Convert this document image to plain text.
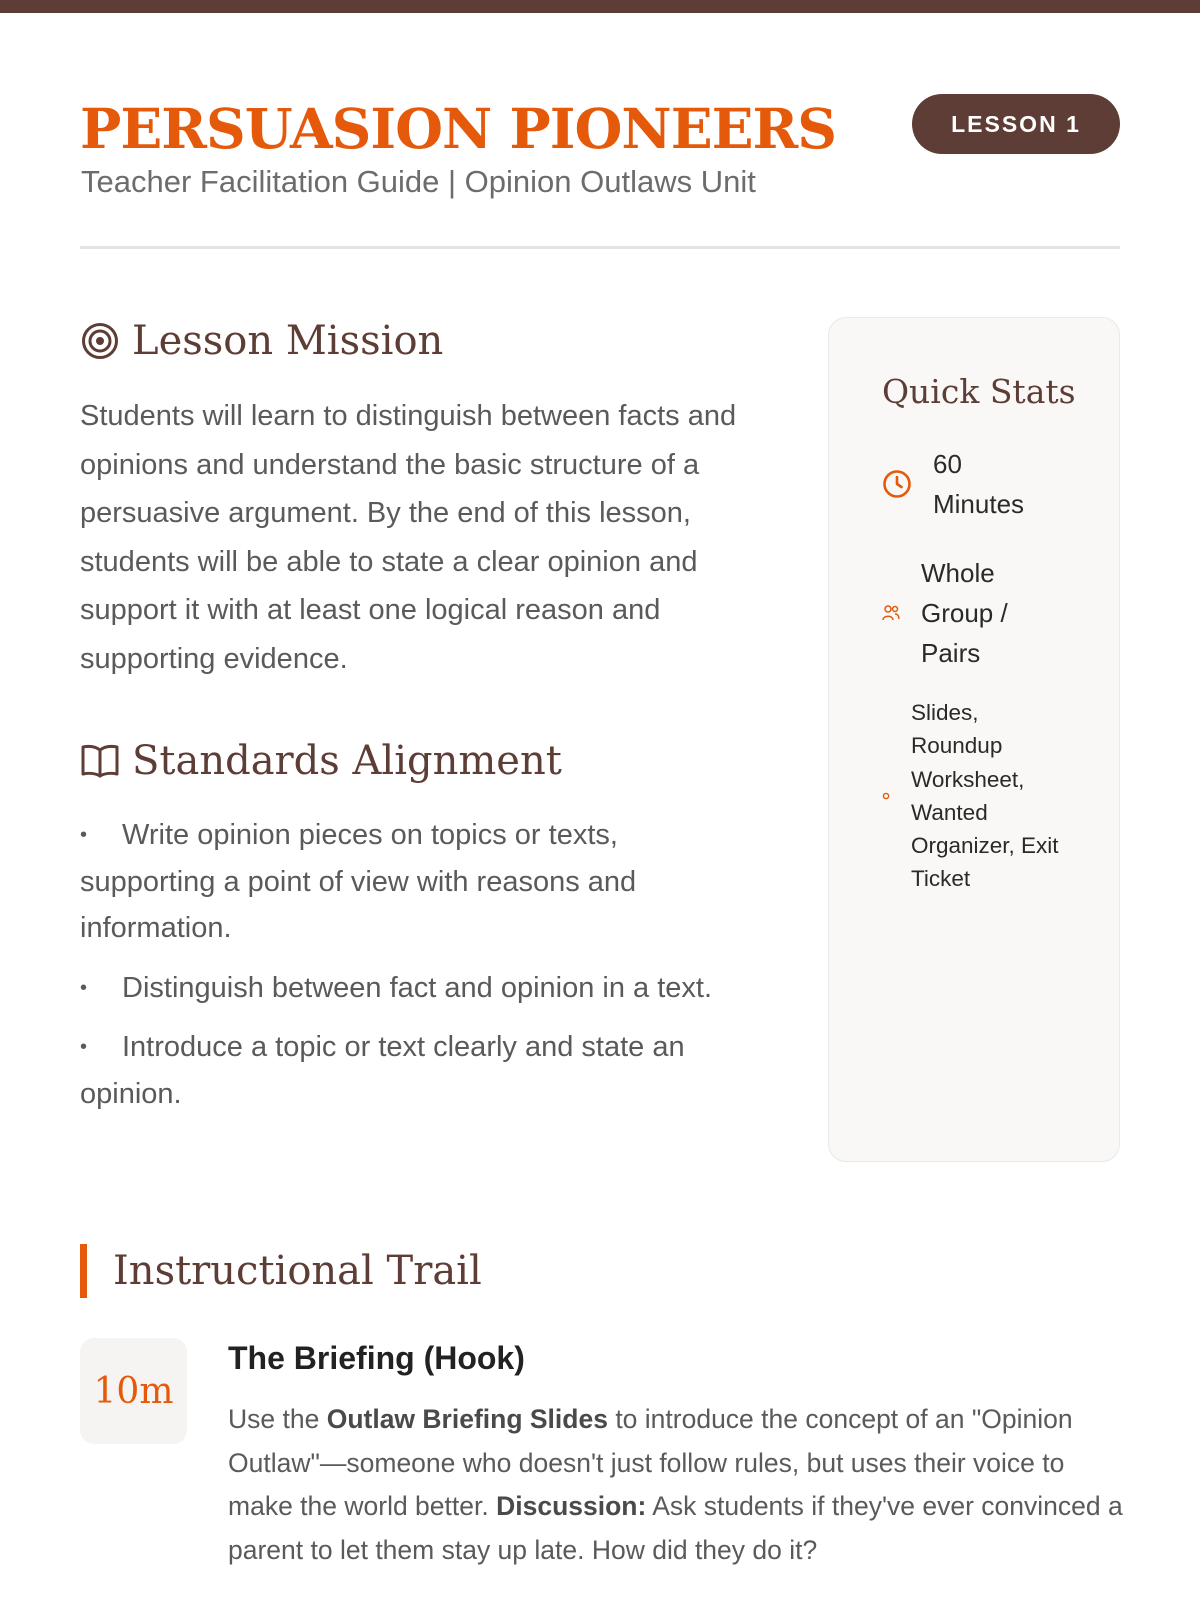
PERSUASION PIONEERS

Teacher Facilitation Guide | Opinion Outlaws Unit

LESSON 1
Lesson Mission

Students will learn to distinguish between facts and opinions and understand the basic structure of a persuasive argument. By the end of this lesson, students will be able to state a clear opinion and support it with at least one logical reason and supporting evidence.

Standards Alignment
• Write opinion pieces on topics or texts, supporting a point of view with reasons and information.
• Distinguish between fact and opinion in a text.
• Introduce a topic or text clearly and state an opinion.
Quick Stats
60 Minutes
Whole Group / Pairs
Slides, Roundup Worksheet, Wanted Organizer, Exit Ticket
Instructional Trail
10m
The Briefing (Hook)

Use the Outlaw Briefing Slides to introduce the concept of an "Opinion Outlaw"—someone who doesn't just follow rules, but uses their voice to make the world better. Discussion: Ask students if they've ever convinced a parent to let them stay up late. How did they do it?
